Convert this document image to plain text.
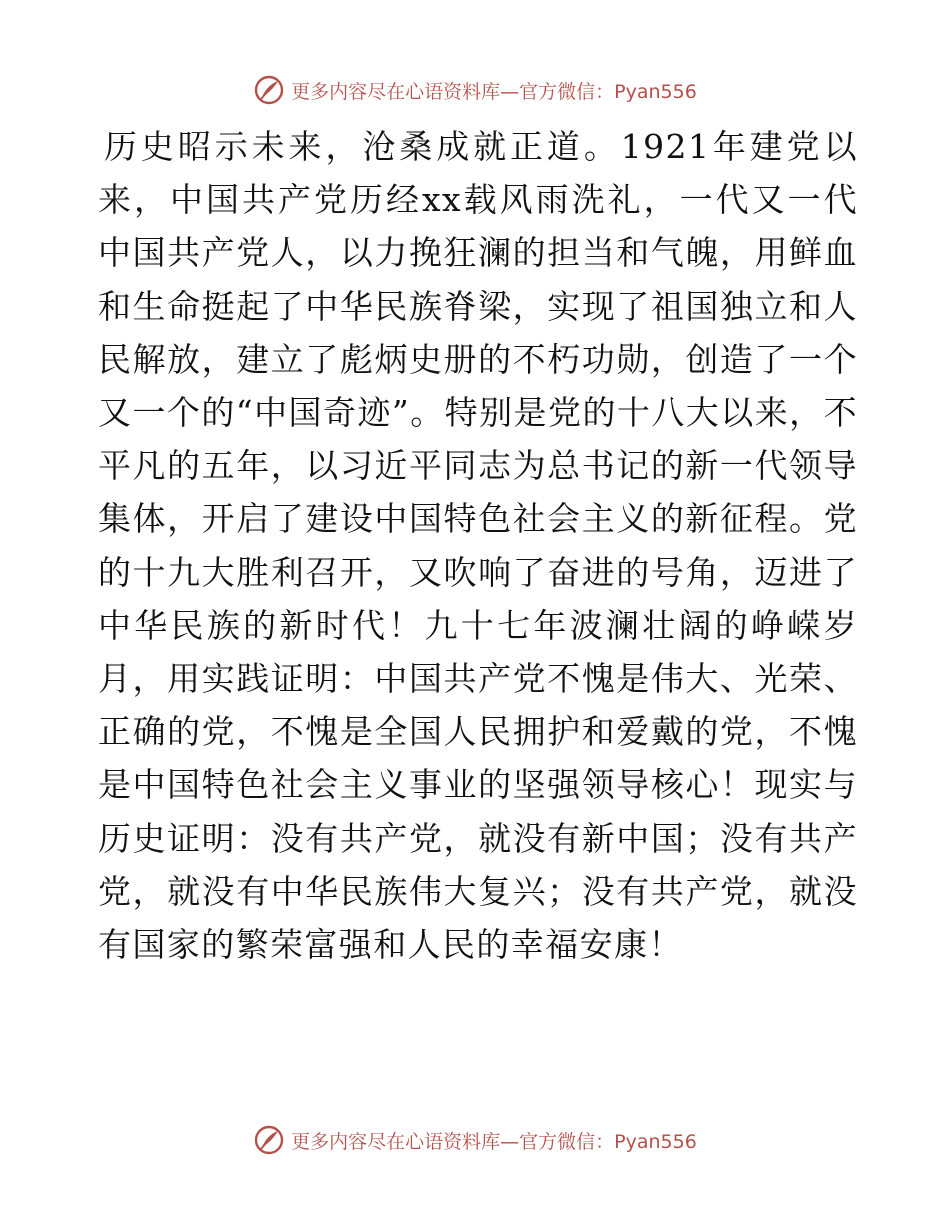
更多内容尽在心语资料库—官方微信：Pyan556

历史昭示未来，沧桑成就正道。1921年建党以来，中国共产党历经xx载风雨洗礼，一代又一代中国共产党人，以力挽狂澜的担当和气魄，用鲜血和生命挺起了中华民族脊梁，实现了祖国独立和人民解放，建立了彪炳史册的不朽功勋，创造了一个又一个的“中国奇迹”。特别是党的十八大以来，不平凡的五年，以习近平同志为总书记的新一代领导集体，开启了建设中国特色社会主义的新征程。党的十九大胜利召开，又吹响了奋进的号角，迈进了中华民族的新时代！九十七年波澜壮阔的峥嵘岁月，用实践证明：中国共产党不愧是伟大、光荣、正确的党，不愧是全国人民拥护和爱戴的党，不愧是中国特色社会主义事业的坚强领导核心！现实与历史证明：没有共产党，就没有新中国；没有共产党，就没有中华民族伟大复兴；没有共产党，就没有国家的繁荣富强和人民的幸福安康！

更多内容尽在心语资料库—官方微信：Pyan556
